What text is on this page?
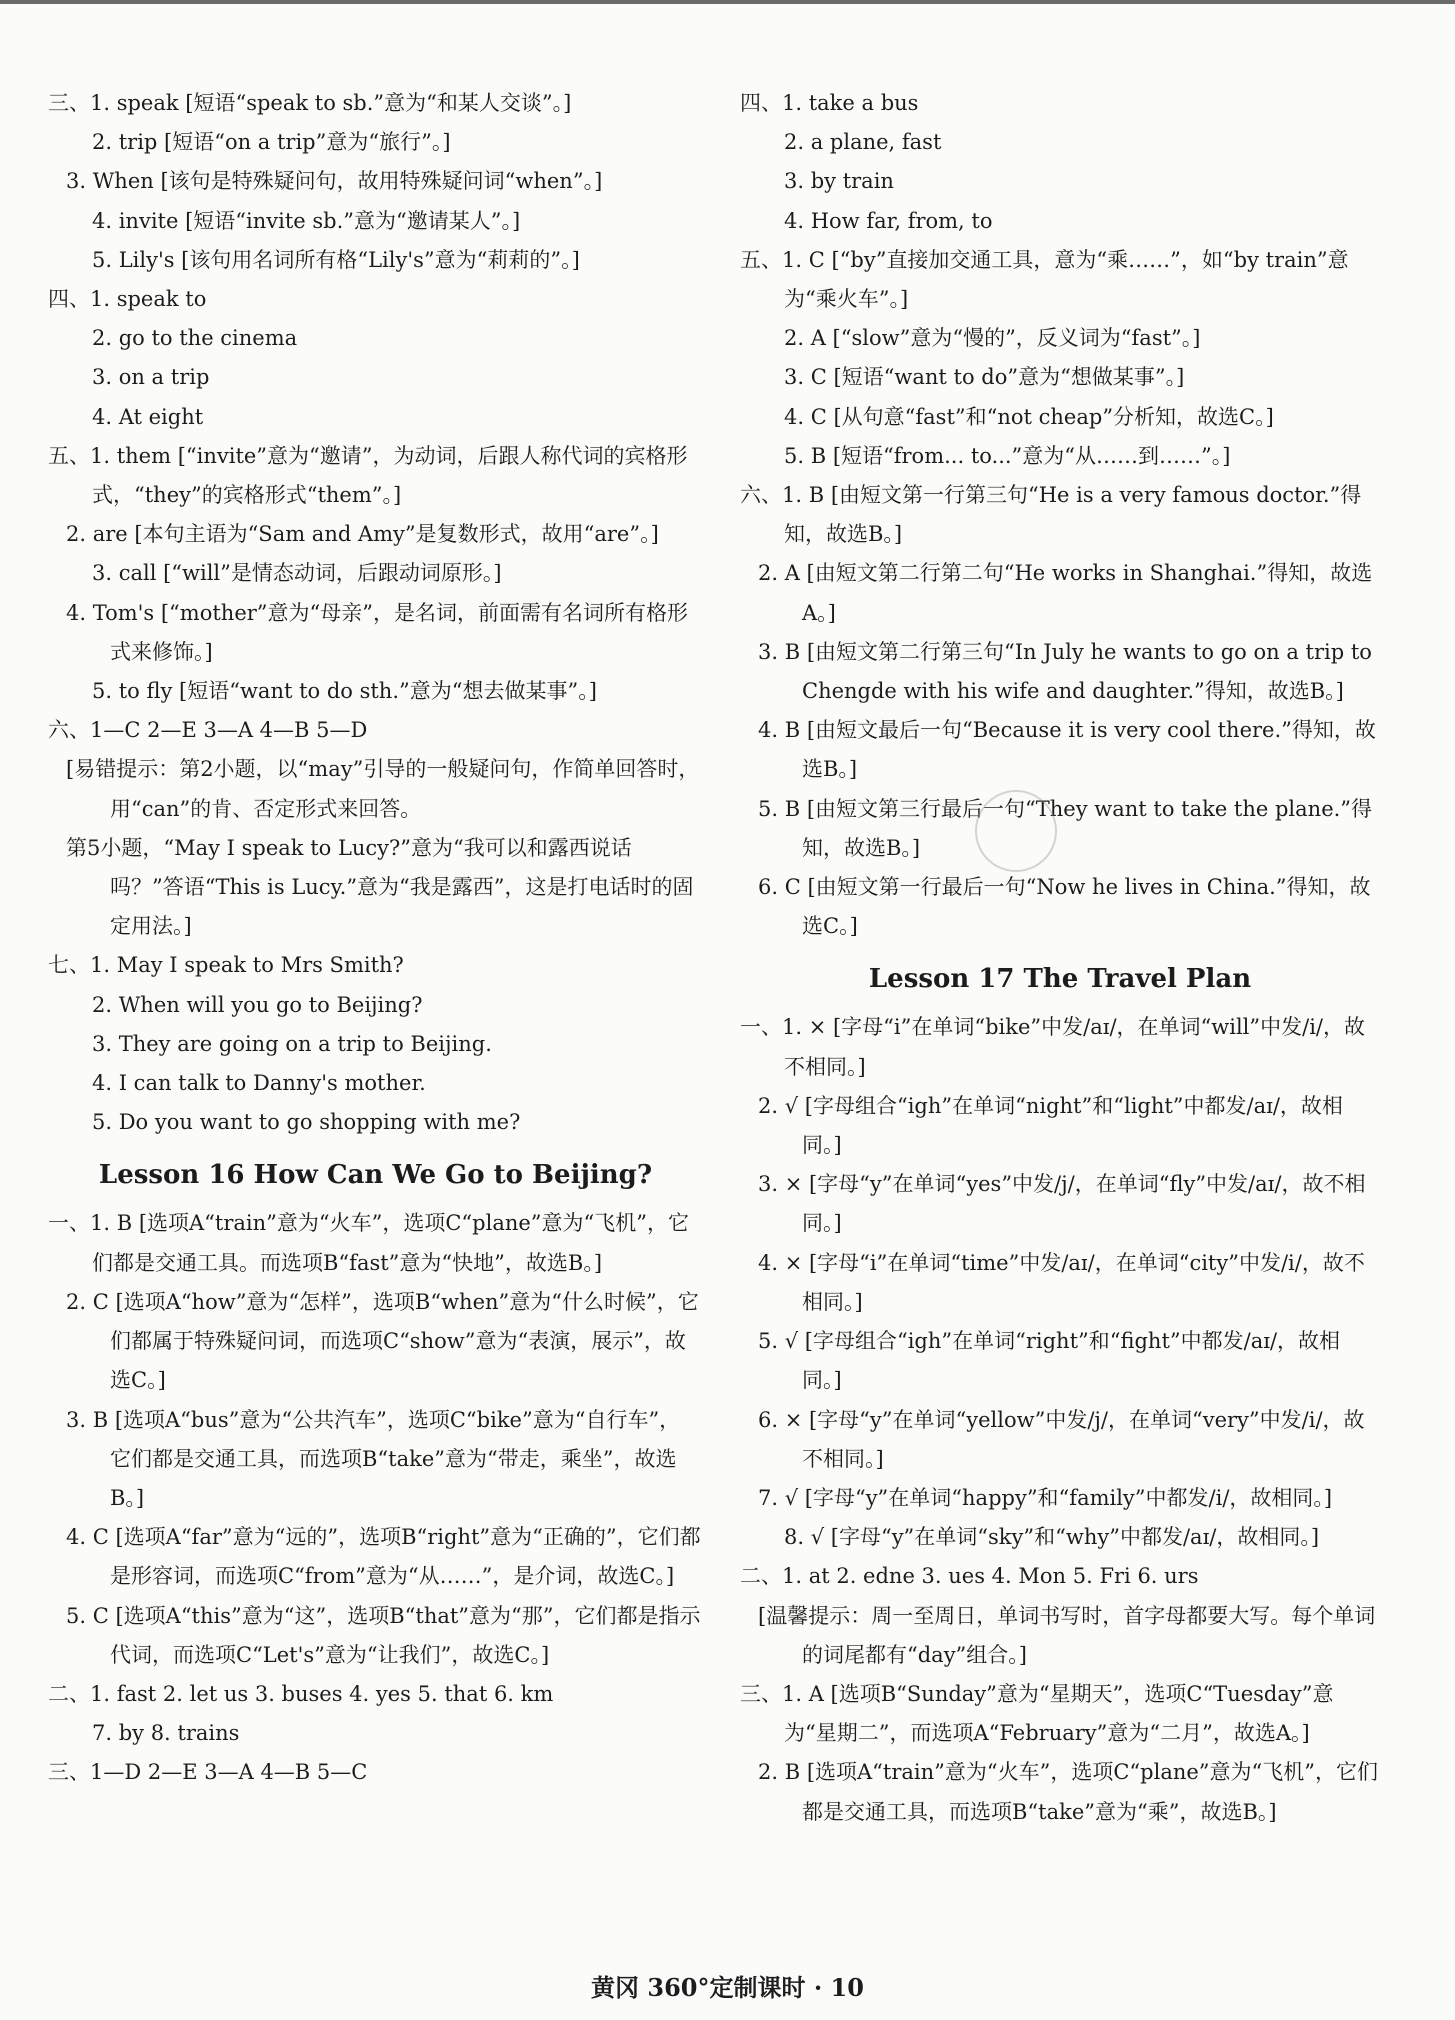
三、1. speak [短语“speak to sb.”意为“和某人交谈”。]
2. trip [短语“on a trip”意为“旅行”。]
3. When [该句是特殊疑问句，故用特殊疑问词“when”。]
4. invite [短语“invite sb.”意为“邀请某人”。]
5. Lily's [该句用名词所有格“Lily's”意为“莉莉的”。]
四、1. speak to
2. go to the cinema
3. on a trip
4. At eight
五、1. them [“invite”意为“邀请”，为动词，后跟人称代词的宾格形式，“they”的宾格形式“them”。]
2. are [本句主语为“Sam and Amy”是复数形式，故用“are”。]
3. call [“will”是情态动词，后跟动词原形。]
4. Tom's [“mother”意为“母亲”，是名词，前面需有名词所有格形式来修饰。]
5. to fly [短语“want to do sth.”意为“想去做某事”。]
六、1—C 2—E 3—A 4—B 5—D
[易错提示：第2小题，以“may”引导的一般疑问句，作简单回答时，用“can”的肯、否定形式来回答。
第5小题，“May I speak to Lucy?”意为“我可以和露西说话吗？”答语“This is Lucy.”意为“我是露西”，这是打电话时的固定用法。]
七、1. May I speak to Mrs Smith?
2. When will you go to Beijing?
3. They are going on a trip to Beijing.
4. I can talk to Danny's mother.
5. Do you want to go shopping with me?
Lesson 16 How Can We Go to Beijing?
一、1. B [选项A“train”意为“火车”，选项C“plane”意为“飞机”，它们都是交通工具。而选项B“fast”意为“快地”，故选B。]
2. C [选项A“how”意为“怎样”，选项B“when”意为“什么时候”，它们都属于特殊疑问词，而选项C“show”意为“表演，展示”，故选C。]
3. B [选项A“bus”意为“公共汽车”，选项C“bike”意为“自行车”，它们都是交通工具，而选项B“take”意为“带走，乘坐”，故选B。]
4. C [选项A“far”意为“远的”，选项B“right”意为“正确的”，它们都是形容词，而选项C“from”意为“从……”，是介词，故选C。]
5. C [选项A“this”意为“这”，选项B“that”意为“那”，它们都是指示代词，而选项C“Let's”意为“让我们”，故选C。]
二、1. fast 2. let us 3. buses 4. yes 5. that 6. km
7. by 8. trains
三、1—D 2—E 3—A 4—B 5—C
四、1. take a bus
2. a plane, fast
3. by train
4. How far, from, to
五、1. C [“by”直接加交通工具，意为“乘……”，如“by train”意为“乘火车”。]
2. A [“slow”意为“慢的”，反义词为“fast”。]
3. C [短语“want to do”意为“想做某事”。]
4. C [从句意“fast”和“not cheap”分析知，故选C。]
5. B [短语“from... to...”意为“从……到……”。]
六、1. B [由短文第一行第三句“He is a very famous doctor.”得知，故选B。]
2. A [由短文第二行第二句“He works in Shanghai.”得知，故选A。]
3. B [由短文第二行第三句“In July he wants to go on a trip to Chengde with his wife and daughter.”得知，故选B。]
4. B [由短文最后一句“Because it is very cool there.”得知，故选B。]
5. B [由短文第三行最后一句“They want to take the plane.”得知，故选B。]
6. C [由短文第一行最后一句“Now he lives in China.”得知，故选C。]
Lesson 17 The Travel Plan
一、1. × [字母“i”在单词“bike”中发/aɪ/，在单词“will”中发/i/，故不相同。]
2. √ [字母组合“igh”在单词“night”和“light”中都发/aɪ/，故相同。]
3. × [字母“y”在单词“yes”中发/j/，在单词“fly”中发/aɪ/，故不相同。]
4. × [字母“i”在单词“time”中发/aɪ/，在单词“city”中发/i/，故不相同。]
5. √ [字母组合“igh”在单词“right”和“fight”中都发/aɪ/，故相同。]
6. × [字母“y”在单词“yellow”中发/j/，在单词“very”中发/i/，故不相同。]
7. √ [字母“y”在单词“happy”和“family”中都发/i/，故相同。]
8. √ [字母“y”在单词“sky”和“why”中都发/aɪ/，故相同。]
二、1. at 2. edne 3. ues 4. Mon 5. Fri 6. urs
[温馨提示：周一至周日，单词书写时，首字母都要大写。每个单词的词尾都有“day”组合。]
三、1. A [选项B“Sunday”意为“星期天”，选项C“Tuesday”意为“星期二”，而选项A“February”意为“二月”，故选A。]
2. B [选项A“train”意为“火车”，选项C“plane”意为“飞机”，它们都是交通工具，而选项B“take”意为“乘”，故选B。]
黄冈 360°定制课时 · 10
